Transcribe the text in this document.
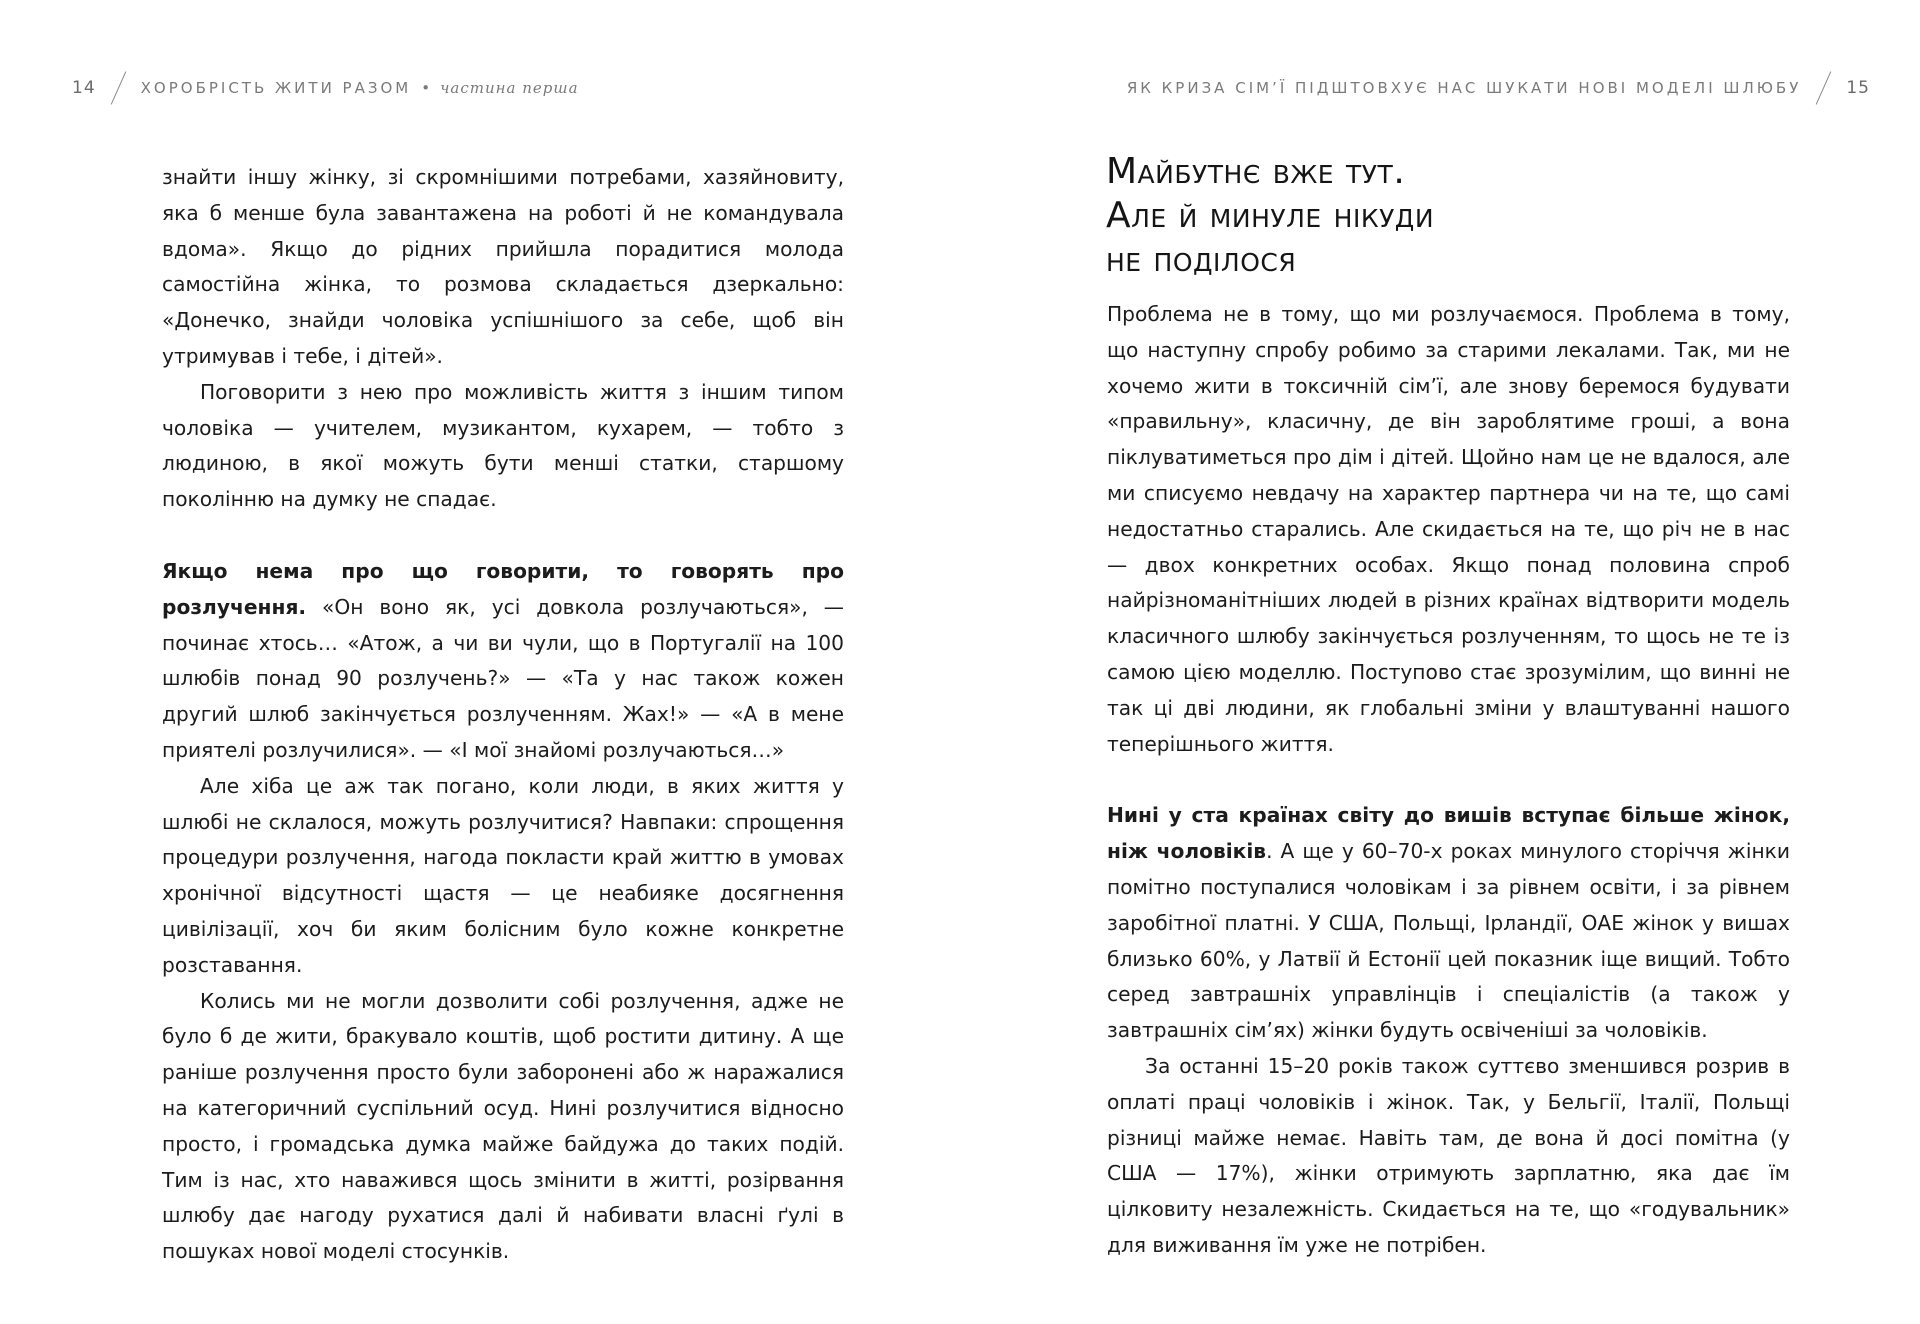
14	ХОРОБРІСТЬ ЖИТИ РАЗОМ • частина перша	ЯК КРИЗА СІМ’Ї ПІДШТОВХУЄ НАС ШУКАТИ НОВІ МОДЕЛІ ШЛЮБУ	15

знайти іншу жінку, зі скромнішими потребами, хазяйновиту, яка б менше була завантажена на роботі й не командувала вдома». Якщо до рідних прийшла порадитися молода самостійна жінка, то розмова складається дзеркально: «Донечко, знайди чоловіка успішнішого за себе, щоб він утримував і тебе, і дітей».

Поговорити з нею про можливість життя з іншим типом чоловіка — учителем, музикантом, кухарем, — тобто з людиною, в якої можуть бути менші статки, старшому поколінню на думку не спадає.

Якщо нема про що говорити, то говорять про розлучення. «Он воно як, усі довкола розлучаються», — починає хтось… «Атож, а чи ви чули, що в Португалії на 100 шлюбів понад 90 розлучень?» — «Та у нас також кожен другий шлюб закінчується розлученням. Жах!» — «А в мене приятелі розлучилися». — «І мої знайомі розлучаються…»

Але хіба це аж так погано, коли люди, в яких життя у шлюбі не склалося, можуть розлучитися? Навпаки: спрощення процедури розлучення, нагода покласти край життю в умовах хронічної відсутності щастя — це неабияке досягнення цивілізації, хоч би яким болісним було кожне конкретне розставання.

Колись ми не могли дозволити собі розлучення, адже не було б де жити, бракувало коштів, щоб ростити дитину. А ще раніше розлучення просто були заборонені або ж наражалися на категоричний суспільний осуд. Нині розлучитися відносно просто, і громадська думка майже байдужа до таких подій. Тим із нас, хто наважився щось змінити в житті, розірвання шлюбу дає нагоду рухатися далі й набивати власні ґулі в пошуках нової моделі стосунків.

Майбутнє вже тут.
Але й минуле нікуди
не поділося

Проблема не в тому, що ми розлучаємося. Проблема в тому, що наступну спробу робимо за старими лекалами. Так, ми не хочемо жити в токсичній сім’ї, але знову беремося будувати «правильну», класичну, де він зароблятиме гроші, а вона піклуватиметься про дім і дітей. Щойно нам це не вдалося, але ми списуємо невдачу на характер партнера чи на те, що самі недостатньо старались. Але скидається на те, що річ не в нас — двох конкретних особах. Якщо понад половина спроб найрізноманітніших людей в різних країнах відтворити модель класичного шлюбу закінчується розлученням, то щось не те із самою цією моделлю. Поступово стає зрозумілим, що винні не так ці дві людини, як глобальні зміни у влаштуванні нашого теперішнього життя.

Нині у ста країнах світу до вишів вступає більше жінок, ніж чоловіків. А ще у 60–70-х роках минулого сторіччя жінки помітно поступалися чоловікам і за рівнем освіти, і за рівнем заробітної платні. У США, Польщі, Ірландії, ОАЕ жінок у вишах близько 60%, у Латвії й Естонії цей показник іще вищий. Тобто серед завтрашніх управлінців і спеціалістів (а також у завтрашніх сім’ях) жінки будуть освіченіші за чоловіків.

За останні 15–20 років також суттєво зменшився розрив в оплаті праці чоловіків і жінок. Так, у Бельгії, Італії, Польщі різниці майже немає. Навіть там, де вона й досі помітна (у США — 17%), жінки отримують зарплатню, яка дає їм цілковиту незалежність. Скидається на те, що «годувальник» для виживання їм уже не потрібен.
